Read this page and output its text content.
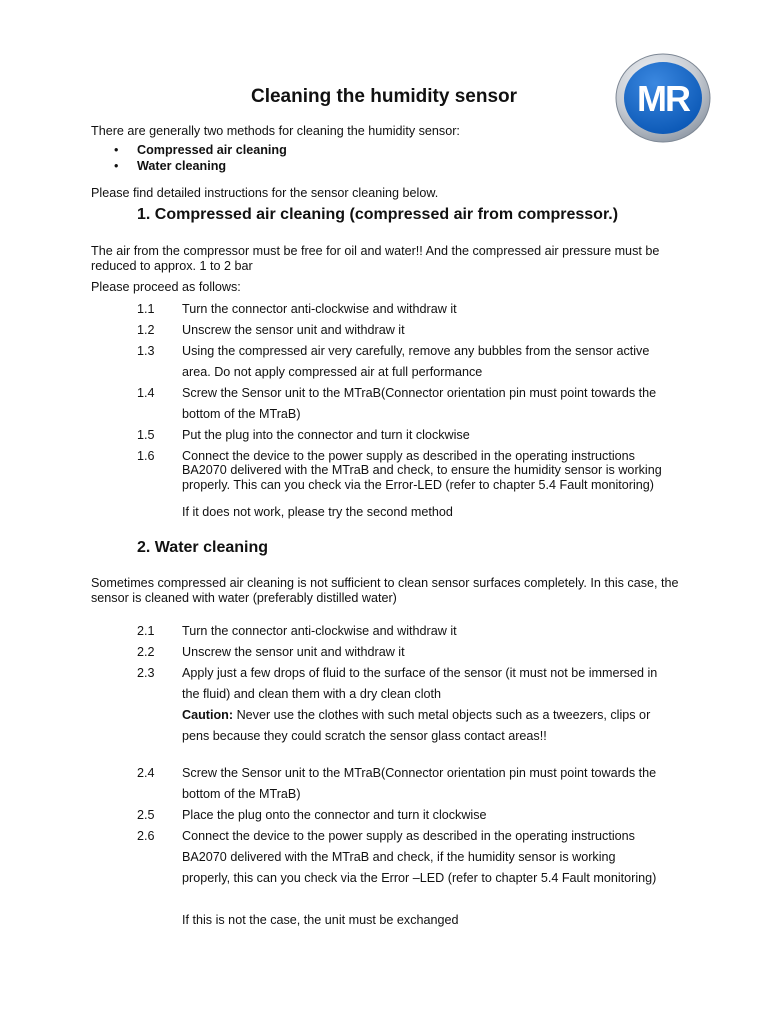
MR
Cleaning the humidity sensor
There are generally two methods for cleaning the humidity sensor:
• Compressed air cleaning
• Water cleaning
Please find detailed instructions for the sensor cleaning below.
1. Compressed air cleaning (compressed air from compressor.)
The air from the compressor must be free for oil and water!! And the compressed air pressure must be reduced to approx. 1 to 2 bar
Please proceed as follows:
1.1 Turn the connector anti-clockwise and withdraw it
1.2 Unscrew the sensor unit and withdraw it
1.3 Using the compressed air very carefully, remove any bubbles from the sensor active
area. Do not apply compressed air at full performance
1.4 Screw the Sensor unit to the MTraB(Connector orientation pin must point towards the
bottom of the MTraB)
1.5 Put the plug into the connector and turn it clockwise
1.6 Connect the device to the power supply as described in the operating instructions
BA2070 delivered with the MTraB and check, to ensure the humidity sensor is working
properly. This can you check via the Error-LED (refer to chapter 5.4 Fault monitoring)
If it does not work, please try the second method
2. Water cleaning
Sometimes compressed air cleaning is not sufficient to clean sensor surfaces completely. In this case, the sensor is cleaned with water (preferably distilled water)
2.1 Turn the connector anti-clockwise and withdraw it
2.2 Unscrew the sensor unit and withdraw it
2.3 Apply just a few drops of fluid to the surface of the sensor (it must not be immersed in
the fluid) and clean them with a dry clean cloth
Caution: Never use the clothes with such metal objects such as a tweezers, clips or
pens because they could scratch the sensor glass contact areas!!
2.4 Screw the Sensor unit to the MTraB(Connector orientation pin must point towards the
bottom of the MTraB)
2.5 Place the plug onto the connector and turn it clockwise
2.6 Connect the device to the power supply as described in the operating instructions
BA2070 delivered with the MTraB and check, if the humidity sensor is working
properly, this can you check via the Error –LED (refer to chapter 5.4 Fault monitoring)
If this is not the case, the unit must be exchanged
